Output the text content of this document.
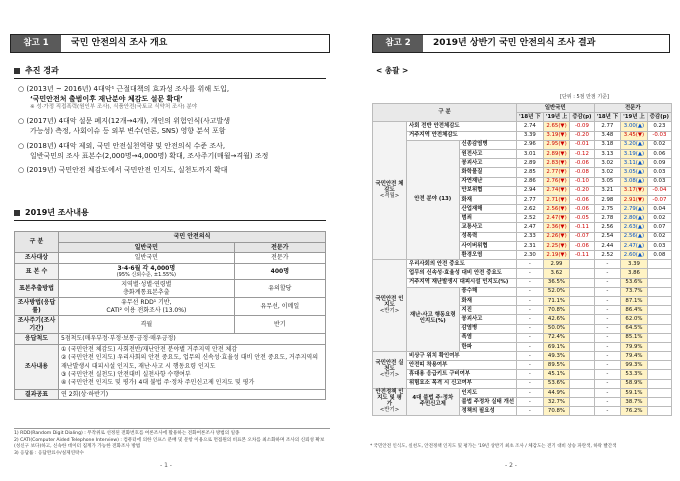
참고 1	국민 안전의식 조사 개요
추진 경과
○ (2013년 ~ 2016년) 4대악¹ 근절대책의 효과성 조사를 위해 도입,
‘국민안전처 출범이후 재난분야 체감도 설문 확대’
※ 성·가정 직접폭력(원인부 조사), 식품안전(국토교 식약처 조사) 분야
○ (2017년) 4대악 설문 폐지(12개→4개), 개인의 위험인식(사고발생
가능성) 측정, 사회이슈 등 외부 변수(언론, SNS) 영향 분석 포함
○ (2018년) 4대악 제외, 국민 안전실천역량 및 안전의식 수준 조사,
일반국민의 조사 표본수(2,000명→4,000명) 확대, 조사주기(매월→격월) 조정
○ (2019년) 국민안전 체감도에서 국민안전 인지도, 실천도까지 확대
2019년 조사내용
구 분	국민 안전의식	
	일반국민	전문가
조사대상	일반국민	전문가
표 본 수	3·4·6월 각 4,000명
(95% 신뢰수준, ±1.55%)	400명
표본추출방법	지역별·성별·연령별
층화계통표본추출	유의할당
조사방법(응답률)	유무선 RDD¹ 기반,
CATI² 이용 전화조사 (13.0%)	유무선, 이메일
조사주기(조사기간)	격월	반기
응답척도	5점척도(매우부정·부정·보통·긍정·매우긍정)	
조사내용	① (국민안전 체감도) 사회전반/재난안전 분야별 거주지역 안전 체감
② (국민안전 인지도) 우리사회의 안전 중요도, 업무의 신속성·효율성 대비 안전 중요도, 거주지역의 재난발생시 대피시설 인지도, 재난·사고 시 행동요령 인지도
③ (국민안전 실천도) 안전대비 실천사항 수행여부
④ (국민안전 인지도 및 평가) 4대 불법 주·정차 주민신고제 인지도 및 평가	

결과공표	연 2회(상·하반기)	
1) RDD(Random Digit Dialing) : 무작위로 선정된 전화번호를 여론조사에 활용하는 전화여론조사 방법의 일종
2) CATI(Computer Aided Telephone Interview) : 컴퓨터에 의한 인프스 분배 및 문항 이용으로 면접원의 비표본 오차를 최소화하며 조사의 신뢰성 확보(성신구 보다)하고, 신속한 데이터 집계가 가능한 전화조사 방법
3) 응답률 : 응답완료수/실제연락수
- 1 -
참고 2	2019년 상반기 국민 안전의식 조사 결과
< 총괄 >
[단위 : 5점 만점 기준]
구 분			일반국민			전문가		
			'18년 下	'19년 上	증감(p)	'18년 下	'19년 上	증감(p)

국민안전 체감도
<격월>	사회 전반 안전체감도		2.74	2.65(▼)	-0.09	2.77	3.00(▲)	0.23
	거주지역 안전체감도		3.39	3.19(▼)	-0.20	3.48	3.45(▼)	-0.03
	안전 분야 (13)	신종감염병	2.96	2.95(▼)	-0.01	3.18	3.20(▲)	0.02
		원전사고	3.01	2.89(▼)	-0.12	3.13	3.19(▲)	0.06
		붕괴사고	2.89	2.83(▼)	-0.06	3.02	3.11(▲)	0.09
		화학물질	2.85	2.77(▼)	-0.08	3.02	3.05(▲)	0.03
		자연재난	2.86	2.76(▼)	-0.10	3.05	3.08(▲)	0.03
		안보위협	2.94	2.74(▼)	-0.20	3.21	3.17(▼)	-0.04
		화재	2.77	2.71(▼)	-0.06	2.98	2.91(▼)	-0.07
		산업재해	2.62	2.56(▼)	-0.06	2.75	2.79(▲)	0.04
		범죄	2.52	2.47(▼)	-0.05	2.78	2.80(▲)	0.02
		교통사고	2.47	2.36(▼)	-0.11	2.56	2.63(▲)	0.07
		성폭력	2.33	2.26(▼)	-0.07	2.54	2.56(▲)	0.02
		사이버위협	2.31	2.25(▼)	-0.06	2.44	2.47(▲)	0.03
		환경오염	2.30	2.19(▼)	-0.11	2.52	2.60(▲)	0.08

국민안전 인지도
<반기>	우리사회의 안전 중요도		-	2.99		-	3.39	
	업무의 신속성·효율성 대비 안전 중요도		-	3.62		-	3.86	
	거주지역 재난발생시 대피시설 인지도(%)		-	36.5%		-	53.6%	
	재난·사고 행동요령 인지도(%)	풍수해	-	52.0%		-	73.7%	
		화재	-	71.1%		-	87.1%	
		지진	-	70.8%		-	86.4%	
		붕괴사고	-	42.6%		-	62.0%	
		감염병	-	50.0%		-	64.5%	
		폭염	-	72.4%		-	85.1%	
		한파	-	69.1%		-	79.9%	

국민안전 실천도
<반기>	비상구 위치 확인여부		-	49.3%		-	79.4%	
	안전띠 착용여부		-	89.5%		-	99.3%	
	휴대용 응급키트 구비여부		-	45.1%		-	53.3%	
	위험요소 목격 시 신고여부		-	53.6%		-	58.9%	

안전정책 인지도 및 평가
<반기>	4대 불법 주·정차 주민신고제	인지도	-	44.9%		-	59.1%	
		불법 주정차 실태 개선	-	32.7%		-	38.7%	
		정책의 필요성	-	70.8%		-	76.2%	
* 국민안전 인식도, 실천도, 안전정책 인지도 및 평가는 '19년 상반기 최초 조사 / 체감도는 전기 대비 상승 파란색, 하락 빨간색
- 2 -
